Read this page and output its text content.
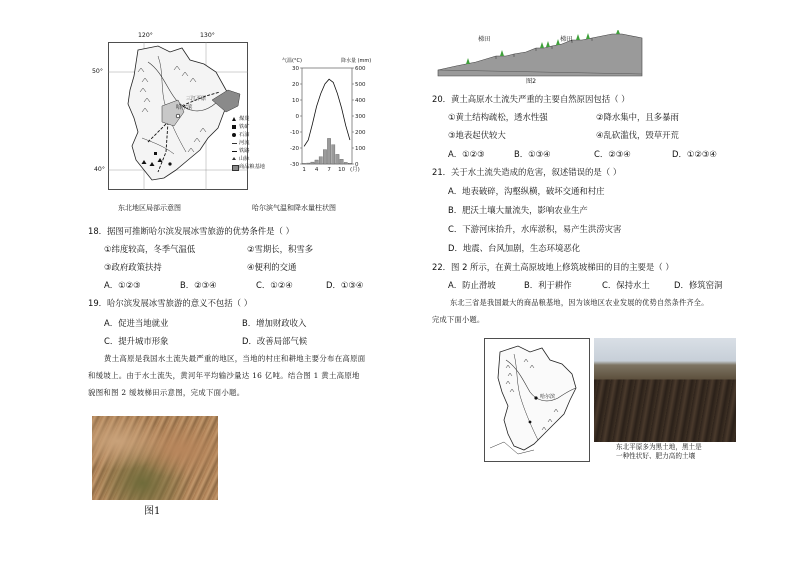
120°	130°
哈尔滨
三江平原
50°
40°
煤炭
铁矿
石油
河流
铁路
山脉
商品粮基地
30
20
10
0
-10
-20
-30
600
500
400
300
200
100
0
1 4 7 10 (月)
气温(°C)	降水量 (mm)
东北地区局部示意图	哈尔滨气温和降水量柱状图
18．据图可推断哈尔滨发展冰雪旅游的优势条件是（ ）
①纬度较高，冬季气温低	②雪期长，积雪多
③政府政策扶持	④便利的交通
A．①②③	B．②③④	C．①②④	D．①③④
19．哈尔滨发展冰雪旅游的意义不包括（ ）
A．促进当地就业	B．增加财政收入
C．提升城市形象	D．改善局部气候
黄土高原是我国水土流失最严重的地区，当地的村庄和耕地主要分布在高原面
和缓坡上。由于水土流失，黄河年平均输沙量达 16 亿吨。结合图 1 黄土高原地
貌图和图 2 缓坡梯田示意图，完成下面小题。
图1
梯田	梯田
图2
20．黄土高原水土流失严重的主要自然原因包括（ ）
①黄土结构疏松，透水性强	②降水集中，且多暴雨
③地表起伏较大	④乱砍滥伐，毁草开荒
A．①②③	B．①③④	C．②③④	D．①②③④
21．关于水土流失造成的危害，叙述错误的是（ ）
A．地表破碎，沟壑纵横，破坏交通和村庄
B．肥沃土壤大量流失，影响农业生产
C．下游河床抬升，水库淤积，易产生洪涝灾害
D．地震、台风加剧，生态环境恶化
22．图 2 所示，在黄土高原坡地上修筑坡梯田的目的主要是（ ）
A．防止滑坡	B．利于耕作	C．保持水土	D．修筑窑洞
东北三省是我国最大的商品粮基地，因为该地区农业发展的优势自然条件齐全。
完成下面小题。
哈尔滨
东北平原多为黑土地，黑土是
一种性状好、肥力高的土壤
